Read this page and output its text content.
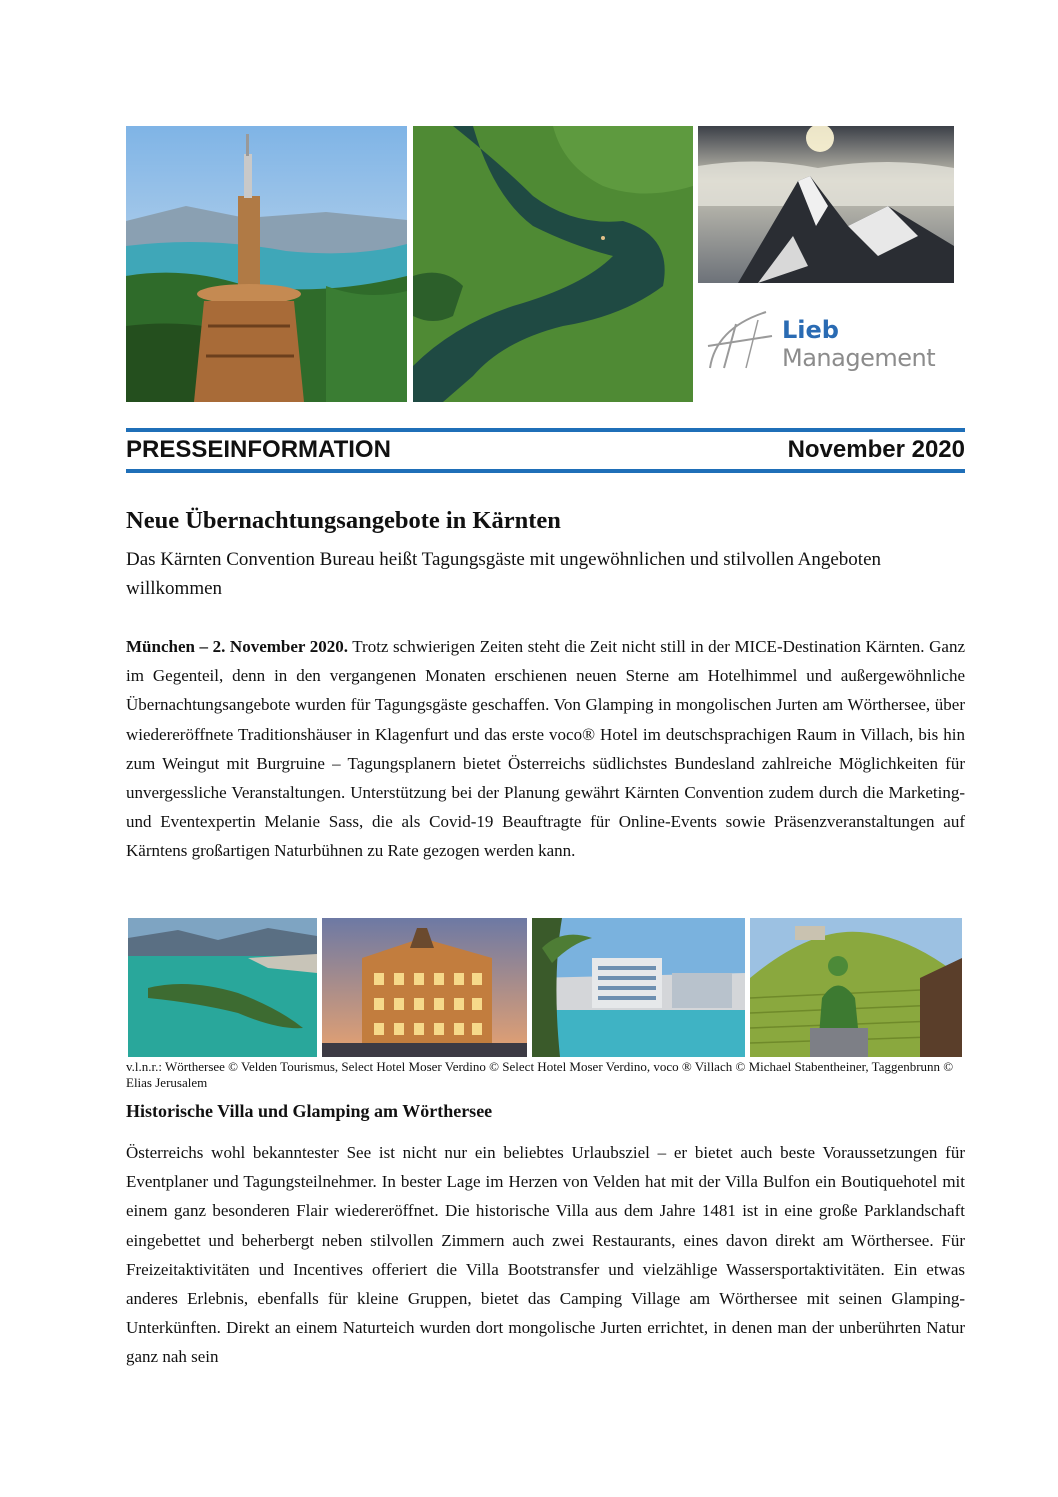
Lieb
Management
PRESSEINFORMATION	November 2020
Neue Übernachtungsangebote in Kärnten

Das Kärnten Convention Bureau heißt Tagungsgäste mit ungewöhnlichen und stilvollen Angeboten willkommen

München – 2. November 2020. Trotz schwierigen Zeiten steht die Zeit nicht still in der MICE-Destination Kärnten. Ganz im Gegenteil, denn in den vergangenen Monaten erschienen neuen Sterne am Hotelhimmel und außergewöhnliche Übernachtungsangebote wurden für Tagungsgäste geschaffen. Von Glamping in mongolischen Jurten am Wörthersee, über wiedereröffnete Traditionshäuser in Klagenfurt und das erste voco® Hotel im deutschsprachigen Raum in Villach, bis hin zum Weingut mit Burgruine – Tagungsplanern bietet Österreichs südlichstes Bundesland zahlreiche Möglichkeiten für unvergessliche Veranstaltungen. Unterstützung bei der Planung gewährt Kärnten Convention zudem durch die Marketing- und Eventexpertin Melanie Sass, die als Covid-19 Beauftragte für Online-Events sowie Präsenzveranstaltungen auf Kärntens großartigen Naturbühnen zu Rate gezogen werden kann.

v.l.n.r.: Wörthersee © Velden Tourismus, Select Hotel Moser Verdino © Select Hotel Moser Verdino, voco ® Villach © Michael Stabentheiner, Taggenbrunn © Elias Jerusalem

Historische Villa und Glamping am Wörthersee

Österreichs wohl bekanntester See ist nicht nur ein beliebtes Urlaubsziel – er bietet auch beste Voraussetzungen für Eventplaner und Tagungsteilnehmer. In bester Lage im Herzen von Velden hat mit der Villa Bulfon ein Boutiquehotel mit einem ganz besonderen Flair wiedereröffnet. Die historische Villa aus dem Jahre 1481 ist in eine große Parklandschaft eingebettet und beherbergt neben stilvollen Zimmern auch zwei Restaurants, eines davon direkt am Wörthersee. Für Freizeitaktivitäten und Incentives offeriert die Villa Bootstransfer und vielzählige Wassersportaktivitäten. Ein etwas anderes Erlebnis, ebenfalls für kleine Gruppen, bietet das Camping Village am Wörthersee mit seinen Glamping-Unterkünften. Direkt an einem Naturteich wurden dort mongolische Jurten errichtet, in denen man der unberührten Natur ganz nah sein
